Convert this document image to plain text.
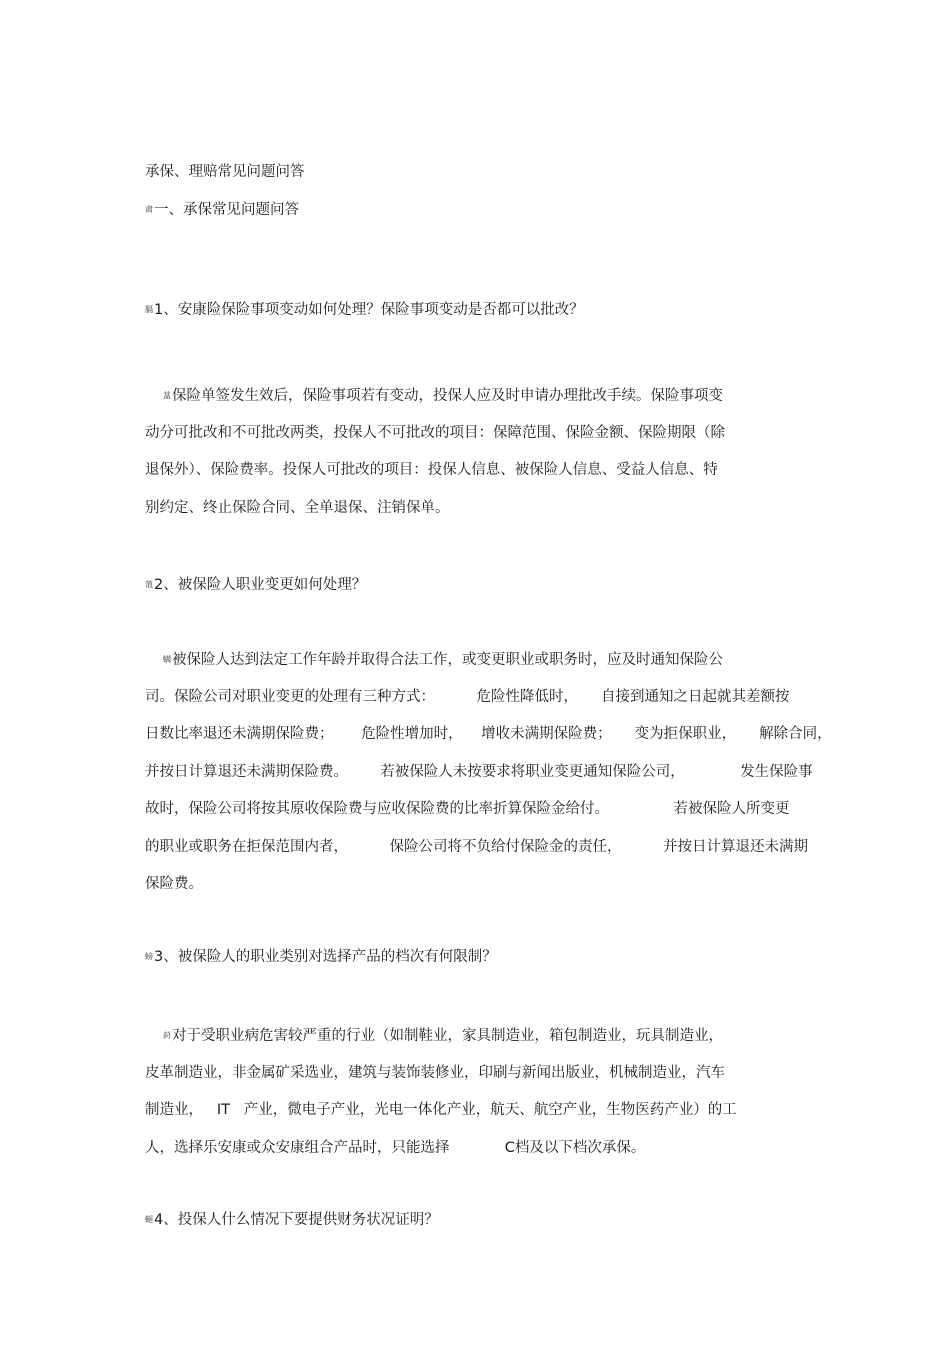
承保、理赔常见问题问答

肃一、承保常见问题问答

膈1、安康险保险事项变动如何处理？保险事项变动是否都可以批改？

蒀保险单签发生效后，保险事项若有变动，投保人应及时申请办理批改手续。保险事项变
动分可批改和不可批改两类，投保人不可批改的项目：保障范围、保险金额、保险期限（除
退保外）、保险费率。投保人可批改的项目：投保人信息、被保险人信息、受益人信息、特
别约定、终止保险合同、全单退保、注销保单。

蒗2、被保险人职业变更如何处理？

螨被保险人达到法定工作年龄并取得合法工作，或变更职业或职务时，应及时通知保险公
司。保险公司对职业变更的处理有三种方式：         危险性降低时，     自接到通知之日起就其差额按
日数比率退还未满期保险费；      危险性增加时，    增收未满期保险费；     变为拒保职业，     解除合同，
并按日计算退还未满期保险费。       若被保险人未按要求将职业变更通知保险公司，            发生保险事
故时，保险公司将按其原收保险费与应收保险费的比率折算保险金给付。              若被保险人所变更
的职业或职务在拒保范围内者，         保险公司将不负给付保险金的责任，         并按日计算退还未满期
保险费。

螃3、被保险人的职业类别对选择产品的档次有何限制？

莳对于受职业病危害较严重的行业（如制鞋业，家具制造业，箱包制造业，玩具制造业，
皮革制造业，非金属矿采选业，建筑与装饰装修业，印刷与新闻出版业，机械制造业，汽车
制造业，   IT   产业，微电子产业，光电一体化产业，航天、航空产业，生物医药产业）的工
人，选择乐安康或众安康组合产品时，只能选择            C档及以下档次承保。

螁4、投保人什么情况下要提供财务状况证明？
